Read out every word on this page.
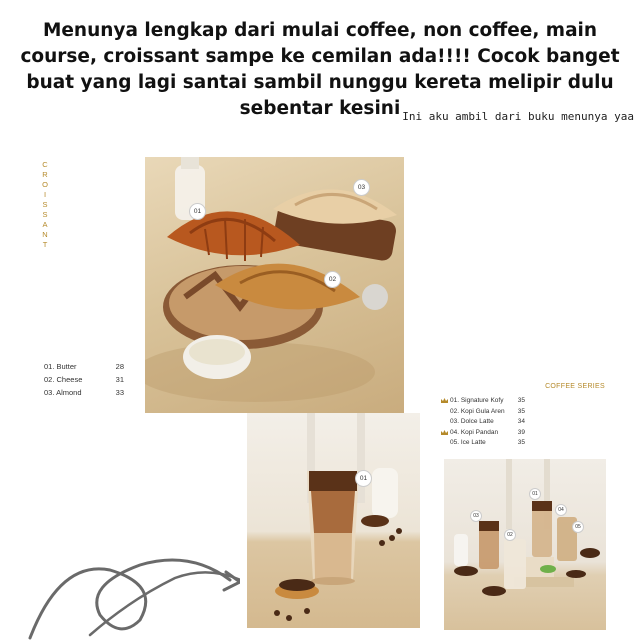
Menunya lengkap dari mulai coffee, non coffee, main course, croissant sampe ke cemilan ada!!!! Cocok banget buat yang lagi santai sambil nunggu kereta melipir dulu sebentar kesini Ini aku ambil dari buku menunya yaa
C
R
O
I
S
S
A
N
T
01
02
03
01. Butter	28
02. Cheese	31
03. Almond	33
01
COFFEE SERIES
01. Signature Kofy 35
02. Kopi Gula Aren 35
03. Dolce Latte	34
04. Kopi Pandan	39
05. Ice Latte	35
01
02
03
04
05
